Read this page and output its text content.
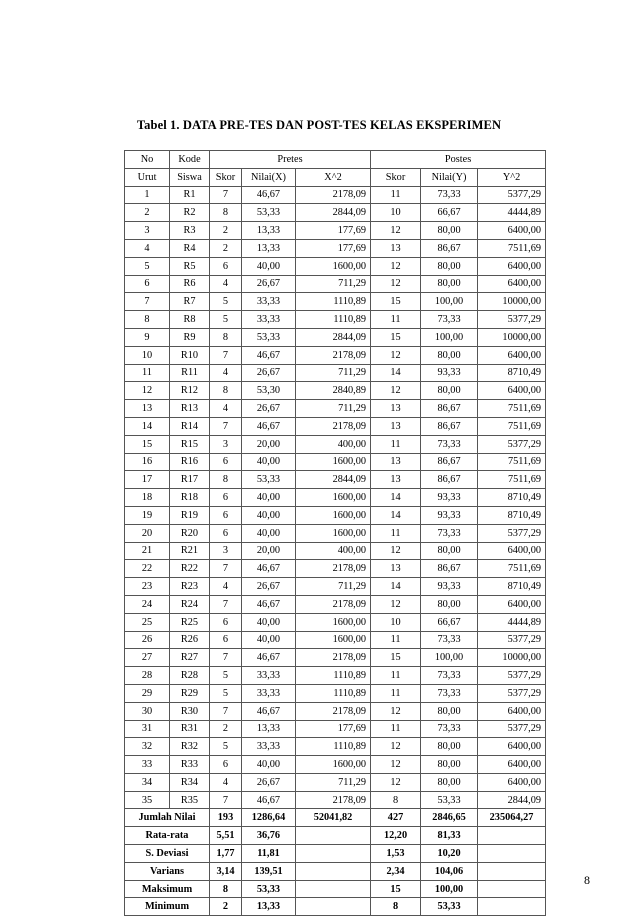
Tabel 1. DATA PRE-TES DAN POST-TES KELAS EKSPERIMEN
No	Kode	Pretes			Postes		
Urut	Siswa	Skor	Nilai(X)	X^2	Skor	Nilai(Y)	Y^2
1	R1	7	46,67	2178,09	11	73,33	5377,29
2	R2	8	53,33	2844,09	10	66,67	4444,89
3	R3	2	13,33	177,69	12	80,00	6400,00
4	R4	2	13,33	177,69	13	86,67	7511,69
5	R5	6	40,00	1600,00	12	80,00	6400,00
6	R6	4	26,67	711,29	12	80,00	6400,00
7	R7	5	33,33	1110,89	15	100,00	10000,00
8	R8	5	33,33	1110,89	11	73,33	5377,29
9	R9	8	53,33	2844,09	15	100,00	10000,00
10	R10	7	46,67	2178,09	12	80,00	6400,00
11	R11	4	26,67	711,29	14	93,33	8710,49
12	R12	8	53,30	2840,89	12	80,00	6400,00
13	R13	4	26,67	711,29	13	86,67	7511,69
14	R14	7	46,67	2178,09	13	86,67	7511,69
15	R15	3	20,00	400,00	11	73,33	5377,29
16	R16	6	40,00	1600,00	13	86,67	7511,69
17	R17	8	53,33	2844,09	13	86,67	7511,69
18	R18	6	40,00	1600,00	14	93,33	8710,49
19	R19	6	40,00	1600,00	14	93,33	8710,49
20	R20	6	40,00	1600,00	11	73,33	5377,29
21	R21	3	20,00	400,00	12	80,00	6400,00
22	R22	7	46,67	2178,09	13	86,67	7511,69
23	R23	4	26,67	711,29	14	93,33	8710,49
24	R24	7	46,67	2178,09	12	80,00	6400,00
25	R25	6	40,00	1600,00	10	66,67	4444,89
26	R26	6	40,00	1600,00	11	73,33	5377,29
27	R27	7	46,67	2178,09	15	100,00	10000,00
28	R28	5	33,33	1110,89	11	73,33	5377,29
29	R29	5	33,33	1110,89	11	73,33	5377,29
30	R30	7	46,67	2178,09	12	80,00	6400,00
31	R31	2	13,33	177,69	11	73,33	5377,29
32	R32	5	33,33	1110,89	12	80,00	6400,00
33	R33	6	40,00	1600,00	12	80,00	6400,00
34	R34	4	26,67	711,29	12	80,00	6400,00
35	R35	7	46,67	2178,09	8	53,33	2844,09
Jumlah Nilai		193	1286,64	52041,82	427	2846,65	235064,27
Rata-rata		5,51	36,76		12,20	81,33	
S. Deviasi		1,77	11,81		1,53	10,20	
Varians		3,14	139,51		2,34	104,06	
Maksimum		8	53,33		15	100,00	
Minimum		2	13,33		8	53,33	
8
